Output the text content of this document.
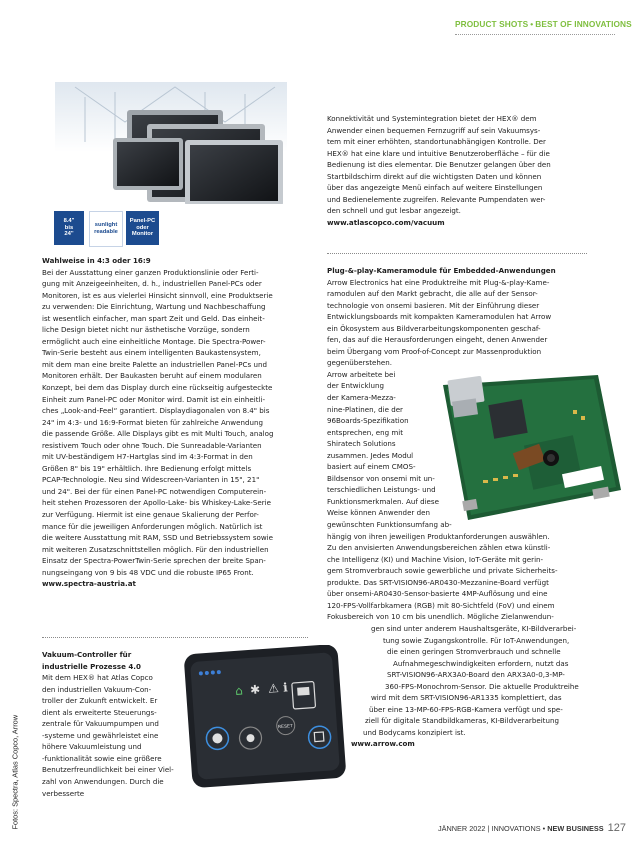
PRODUCT SHOTS • BEST OF INNOVATIONS
8.4"
bis
24"
sunlight
readable
Panel-PC
oder
Monitor

Wahlweise in 4:3 oder 16:9

Bei der Ausstattung einer ganzen Produktionslinie oder Ferti-

gung mit Anzeigeeinheiten, d. h., industriellen Panel-PCs oder

Monitoren, ist es aus vielerlei Hinsicht sinnvoll, eine Produktserie

zu verwenden: Die Einrichtung, Wartung und Nachbeschaffung

ist wesentlich einfacher, man spart Zeit und Geld. Das einheit-

liche Design bietet nicht nur ästhetische Vorzüge, sondern

ermöglicht auch eine einheitliche Montage. Die Spectra-Power-

Twin-Serie besteht aus einem intelligenten Baukastensystem,

mit dem man eine breite Palette an industriellen Panel-PCs und

Monitoren erhält. Der Baukasten beruht auf einem modularen

Konzept, bei dem das Display durch eine rückseitig aufgesteckte

Einheit zum Panel-PC oder Monitor wird. Damit ist ein einheitli-

ches „Look-and-Feel“ garantiert. Displaydiagonalen von 8.4" bis

24" im 4:3- und 16:9-Format bieten für zahlreiche Anwendung

die passende Größe. Alle Displays gibt es mit Multi Touch, analog

resistivem Touch oder ohne Touch. Die Sunreadable-Varianten

mit UV-beständigem H7-Hartglas sind im 4:3-Format in den

Größen 8" bis 19" erhältlich. Ihre Bedienung erfolgt mittels

PCAP-Technologie. Neu sind Widescreen-Varianten in 15", 21"

und 24". Bei der für einen Panel-PC notwendigen Computerein-

heit stehen Prozessoren der Apollo-Lake- bis Whiskey-Lake-Serie

zur Verfügung. Hiermit ist eine genaue Skalierung der Perfor-

mance für die jeweiligen Anforderungen möglich. Natürlich ist

die weitere Ausstattung mit RAM, SSD und Betriebssystem sowie

mit weiteren Zusatzschnittstellen möglich. Für den industriellen

Einsatz der Spectra-PowerTwin-Serie sprechen der breite Span-

nungseingang von 9 bis 48 VDC und die robuste IP65 Front.

www.spectra-austria.at

Vakuum-Controller für

industrielle Prozesse 4.0

Mit dem HEX® hat Atlas Copco

den industriellen Vakuum-Con-

troller der Zukunft entwickelt. Er

dient als erweiterte Steuerungs-

zentrale für Vakuumpumpen und

-systeme und gewährleistet eine

höhere Vakuumleistung und

-funktionalität sowie eine größere

Benutzerfreundlichkeit bei einer Viel-

zahl von Anwendungen. Durch die verbesserte

⌂ ✱ ⚠ ℹ
RESET
Fotos: Spectra, Atlas Copco, Arrow

Konnektivität und Systemintegration bietet der HEX® dem

Anwender einen bequemen Fernzugriff auf sein Vakuumsys-

tem mit einer erhöhten, standortunabhängigen Kontrolle. Der

HEX® hat eine klare und intuitive Benutzeroberfläche – für die

Bedienung ist dies elementar. Die Benutzer gelangen über den

Startbildschirm direkt auf die wichtigsten Daten und können

über das angezeigte Menü einfach auf weitere Einstellungen

und Bedienelemente zugreifen. Relevante Pumpendaten wer-

den schnell und gut lesbar angezeigt.

www.atlascopco.com/vacuum

Plug-&-play-Kameramodule für Embedded-Anwendungen

Arrow Electronics hat eine Produktreihe mit Plug-&-play-Kame-

ramodulen auf den Markt gebracht, die alle auf der Sensor-

technologie von onsemi basieren. Mit der Einführung dieser

Entwicklungsboards mit kompakten Kameramodulen hat Arrow

ein Ökosystem aus Bildverarbeitungskomponenten geschaf-

fen, das auf die Herausforderungen eingeht, denen Anwender

beim Übergang vom Proof-of-Concept zur Massenproduktion

gegenüberstehen.

Arrow arbeitete bei

der Entwicklung

der Kamera-Mezza-

nine-Platinen, die der

96Boards-Spezifikation

entsprechen, eng mit

Shiratech Solutions

zusammen. Jedes Modul

basiert auf einem CMOS-

Bildsensor von onsemi mit un-

terschiedlichen Leistungs- und

Funktionsmerkmalen. Auf diese

Weise können Anwender den

gewünschten Funktionsumfang ab-

hängig von ihren jeweiligen Produktanforderungen auswählen.

Zu den anvisierten Anwendungsbereichen zählen etwa künstli-

che Intelligenz (KI) und Machine Vision, IoT-Geräte mit gerin-

gem Stromverbrauch sowie gewerbliche und private Sicherheits-

produkte. Das SRT-VISION96-AR0430-Mezzanine-Board verfügt

über onsemi-AR0430-Sensor-basierte 4MP-Auflösung und eine

120-FPS-Vollfarbkamera (RGB) mit 80-Sichtfeld (FoV) und einem

Fokusbereich von 10 cm bis unendlich. Mögliche Zielanwendun-

gen sind unter anderem Haushaltsgeräte, KI-Bildverarbei-

tung sowie Zugangskontrolle. Für IoT-Anwendungen,

die einen geringen Stromverbrauch und schnelle

Aufnahmegeschwindigkeiten erfordern, nutzt das

SRT-VISION96-ARX3A0-Board den ARX3A0-0,3-MP-

360-FPS-Monochrom-Sensor. Die aktuelle Produktreihe

wird mit dem SRT-VISION96-AR1335 komplettiert, das

über eine 13-MP-60-FPS-RGB-Kamera verfügt und spe-

ziell für digitale Standbildkameras, KI-Bildverarbeitung

und Bodycams konzipiert ist.

www.arrow.com

JÄNNER 2022 | INNOVATIONS • NEW BUSINESS 127
